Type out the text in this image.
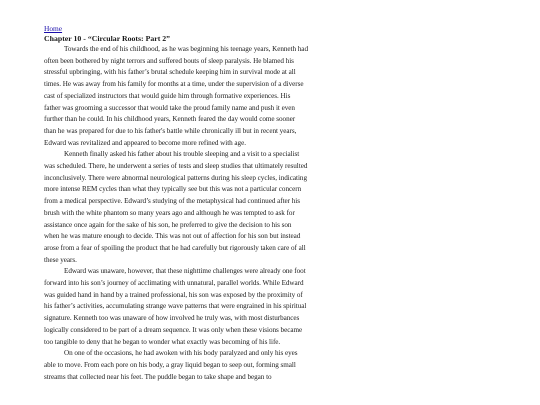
Home
Chapter 10 - “Circular Roots: Part 2”

Towards the end of his childhood, as he was beginning his teenage years, Kenneth had often been bothered by night terrors and suffered bouts of sleep paralysis. He blamed his stressful upbringing, with his father’s brutal schedule keeping him in survival mode at all times. He was away from his family for months at a time, under the supervision of a diverse cast of specialized instructors that would guide him through formative experiences. His father was grooming a successor that would take the proud family name and push it even further than he could. In his childhood years, Kenneth feared the day would come sooner than he was prepared for due to his father's battle while chronically ill but in recent years, Edward was revitalized and appeared to become more refined with age.

Kenneth finally asked his father about his trouble sleeping and a visit to a specialist was scheduled. There, he underwent a series of tests and sleep studies that ultimately resulted inconclusively. There were abnormal neurological patterns during his sleep cycles, indicating more intense REM cycles than what they typically see but this was not a particular concern from a medical perspective. Edward’s studying of the metaphysical had continued after his brush with the white phantom so many years ago and although he was tempted to ask for assistance once again for the sake of his son, he preferred to give the decision to his son when he was mature enough to decide. This was not out of affection for his son but instead arose from a fear of spoiling the product that he had carefully but rigorously taken care of all these years.

Edward was unaware, however, that these nighttime challenges were already one foot forward into his son’s journey of acclimating with unnatural, parallel worlds. While Edward was guided hand in hand by a trained professional, his son was exposed by the proximity of his father’s activities, accumulating strange wave patterns that were engrained in his spiritual signature. Kenneth too was unaware of how involved he truly was, with most disturbances logically considered to be part of a dream sequence. It was only when these visions became too tangible to deny that he began to wonder what exactly was becoming of his life.

On one of the occasions, he had awoken with his body paralyzed and only his eyes able to move. From each pore on his body, a gray liquid began to seep out, forming small streams that collected near his feet. The puddle began to take shape and began to
